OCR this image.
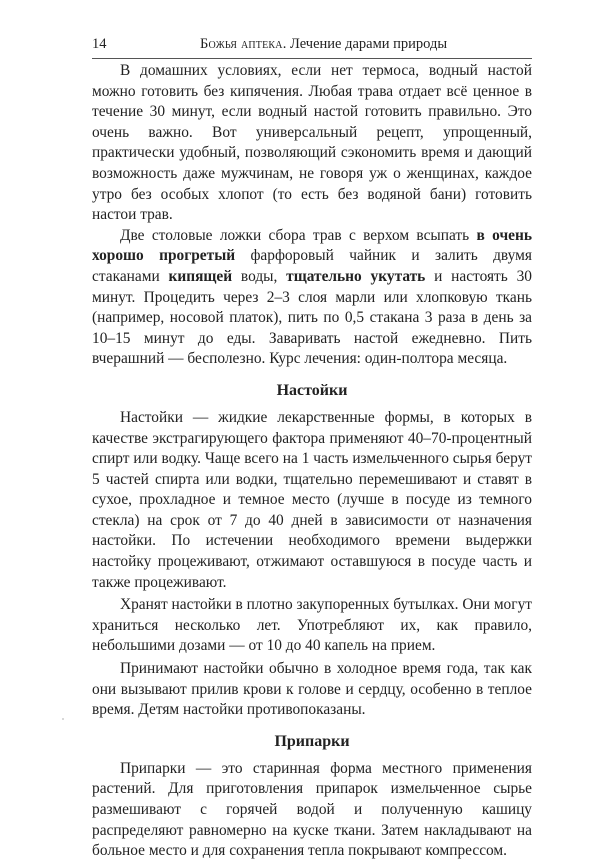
14	Божья аптека. Лечение дарами природы

В домашних условиях, если нет термоса, водный настой можно готовить без кипячения. Любая трава отдает всё ценное в течение 30 минут, если водный настой готовить правильно. Это очень важно. Вот универсальный рецепт, упрощенный, практически удобный, позволяющий сэкономить время и дающий возможность даже мужчинам, не говоря уж о женщинах, каждое утро без особых хлопот (то есть без водяной бани) готовить настои трав.

Две столовые ложки сбора трав с верхом всыпать в очень хорошо прогретый фарфоровый чайник и залить двумя стаканами кипящей воды, тщательно укутать и настоять 30 минут. Процедить через 2–3 слоя марли или хлопковую ткань (например, носовой платок), пить по 0,5 стакана 3 раза в день за 10–15 минут до еды. Заваривать настой ежедневно. Пить вчерашний — бесполезно. Курс лечения: один-полтора месяца.

Настойки

Настойки — жидкие лекарственные формы, в которых в качестве экстрагирующего фактора применяют 40–70-процентный спирт или водку. Чаще всего на 1 часть измельченного сырья берут 5 частей спирта или водки, тщательно перемешивают и ставят в сухое, прохладное и темное место (лучше в посуде из темного стекла) на срок от 7 до 40 дней в зависимости от назначения настойки. По истечении необходимого времени выдержки настойку процеживают, отжимают оставшуюся в посуде часть и также процеживают.

Хранят настойки в плотно закупоренных бутылках. Они могут храниться несколько лет. Употребляют их, как правило, небольшими дозами — от 10 до 40 капель на прием.

Принимают настойки обычно в холодное время года, так как они вызывают прилив крови к голове и сердцу, особенно в теплое время. Детям настойки противопоказаны.

Припарки

Припарки — это старинная форма местного применения растений. Для приготовления припарок измельченное сырье размешивают с горячей водой и полученную кашицу распределяют равномерно на куске ткани. Затем накладывают на больное место и для сохранения тепла покрывают компрессом.
